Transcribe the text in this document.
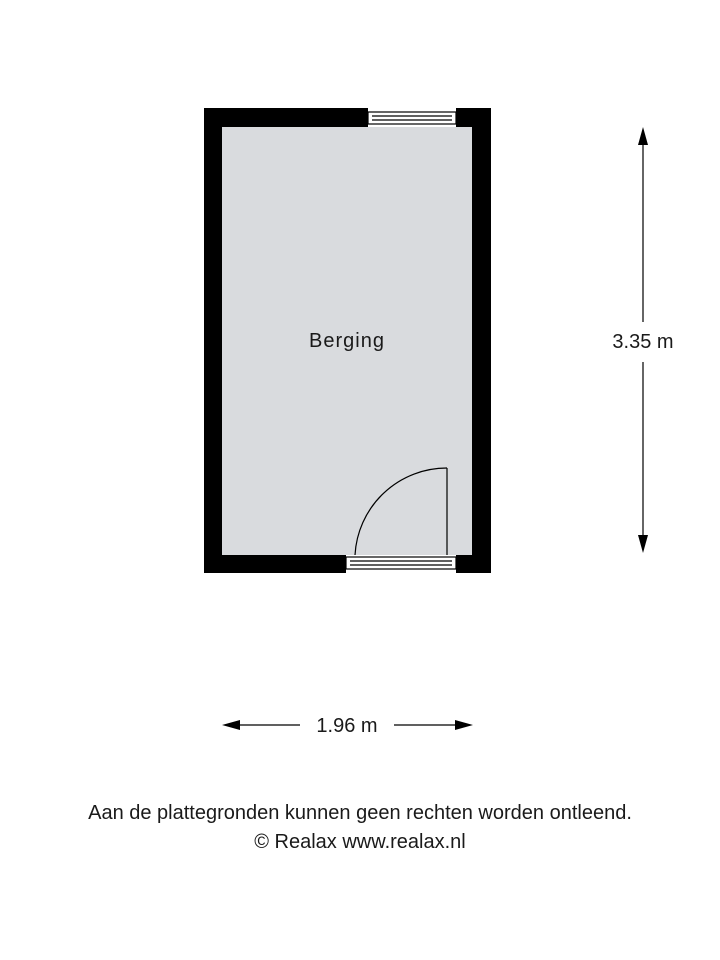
Berging	3.35 m
1.96 m
Aan de plattegronden kunnen geen rechten worden ontleend.
© Realax www.realax.nl
